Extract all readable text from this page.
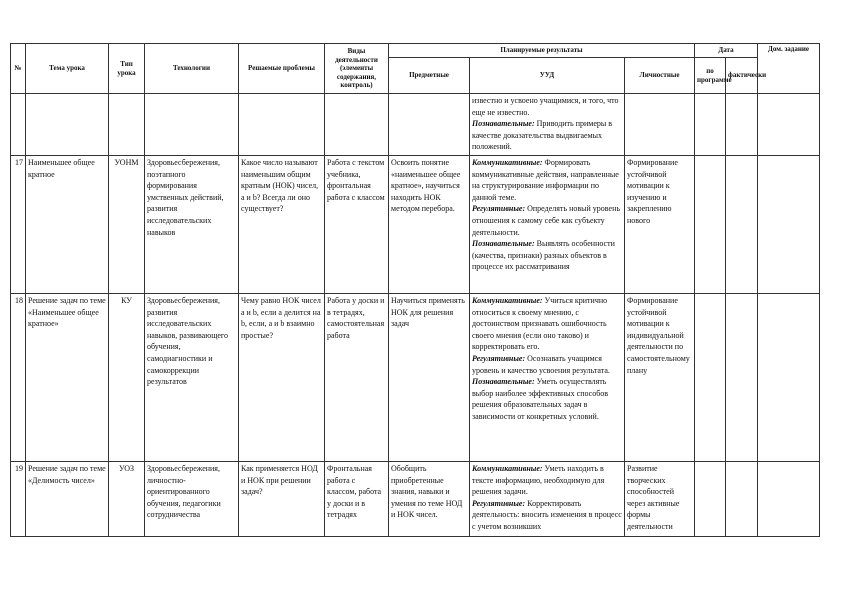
№	Тема урока	Тип урока	Технологии	Решаемые проблемы	Виды деятельности (элементы содержания, контроль)	Планируемые результаты			Дата		Дом. задание
						Предметные	УУД	Личностные	по программе	фактически	

							известно и усвоено учащимися, и того, что еще не известно.
Познавательные: Приводить примеры в качестве доказательства выдвигаемых положений.				

17	Наименьшее общее кратное	УОНМ	Здоровьесбережения, поэтапного формирования умственных действий, развития исследовательских навыков	Какое число называют наименьшим общим кратным (НОК) чисел, a и b? Всегда ли оно существует?	Работа с текстом учебника, фронтальная работа с классом	Освоить понятие «наименьшее общее кратное», научиться находить НОК методом перебора.	Коммуникативные: Формировать коммуникативные действия, направленные на структурирование информации по данной теме.
Регулятивные: Определять новый уровень отношения к самому себе как субъекту деятельности.
Познавательные: Выявлять особенности (качества, признаки) разных объектов в процессе их рассматривания	Формирование устойчивой мотивации к изучению и закреплению нового			

18	Решение задач по теме «Наименьшее общее кратное»	КУ	Здоровьесбережения, развития исследовательских навыков, развивающего обучения, самодиагностики и самокоррекции результатов	Чему равно НОК чисел a и b, если a делится на b, если, a и b взаимно простые?	Работа у доски и в тетрадях, самостоятельная работа	Научиться применять НОК для решения задач	Коммуникативные: Учиться критично относиться к своему мнению, с достоинством признавать ошибочность своего мнения (если оно таково) и корректировать его.
Регулятивные: Осознавать учащимся уровень и качество усвоения результата.
Познавательные: Уметь осуществлять выбор наиболее эффективных способов решения образовательных задач в зависимости от конкретных условий.	Формирование устойчивой мотивации к индивидуальной деятельности по самостоятельному плану			

19	Решение задач по теме «Делимость чисел»	УОЗ	Здоровьесбережения, личностно-ориентированного обучения, педагогики сотрудничества	Как применяется НОД и НОК при решении задач?	Фронтальная работа с классом, работа у доски и в тетрадях	Обобщить приобретенные знания, навыки и умения по теме НОД и НОК чисел.	Коммуникативные: Уметь находить в тексте информацию, необходимую для решения задачи.
Регулятивные: Корректировать деятельность: вносить изменения в процесс с учетом возникших	Развитие творческих способностей через активные формы деятельности			
